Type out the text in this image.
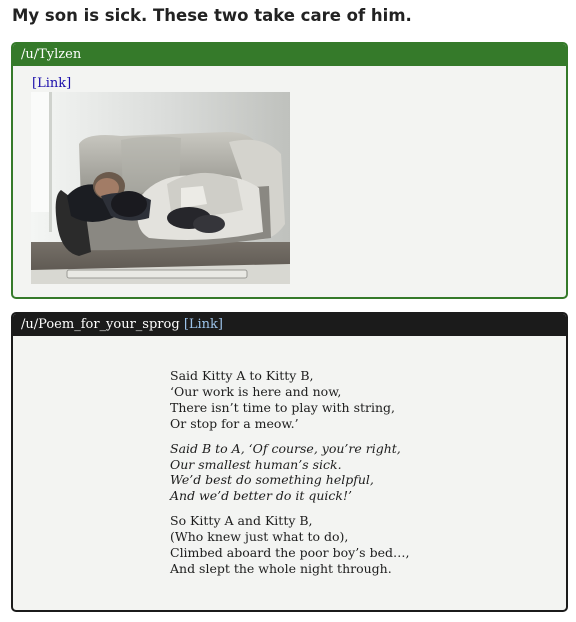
My son is sick. These two take care of him.
/u/Tylzen
[Link]
/u/Poem_for_your_sprog [Link]
Said Kitty A to Kitty B,
‘Our work is here and now,
There isn’t time to play with string,
Or stop for a meow.’
Said B to A, ‘Of course, you’re right,
Our smallest human’s sick.
We’d best do something helpful,
And we’d better do it quick!’
So Kitty A and Kitty B,
(Who knew just what to do),
Climbed aboard the poor boy’s bed…,
And slept the whole night through.
